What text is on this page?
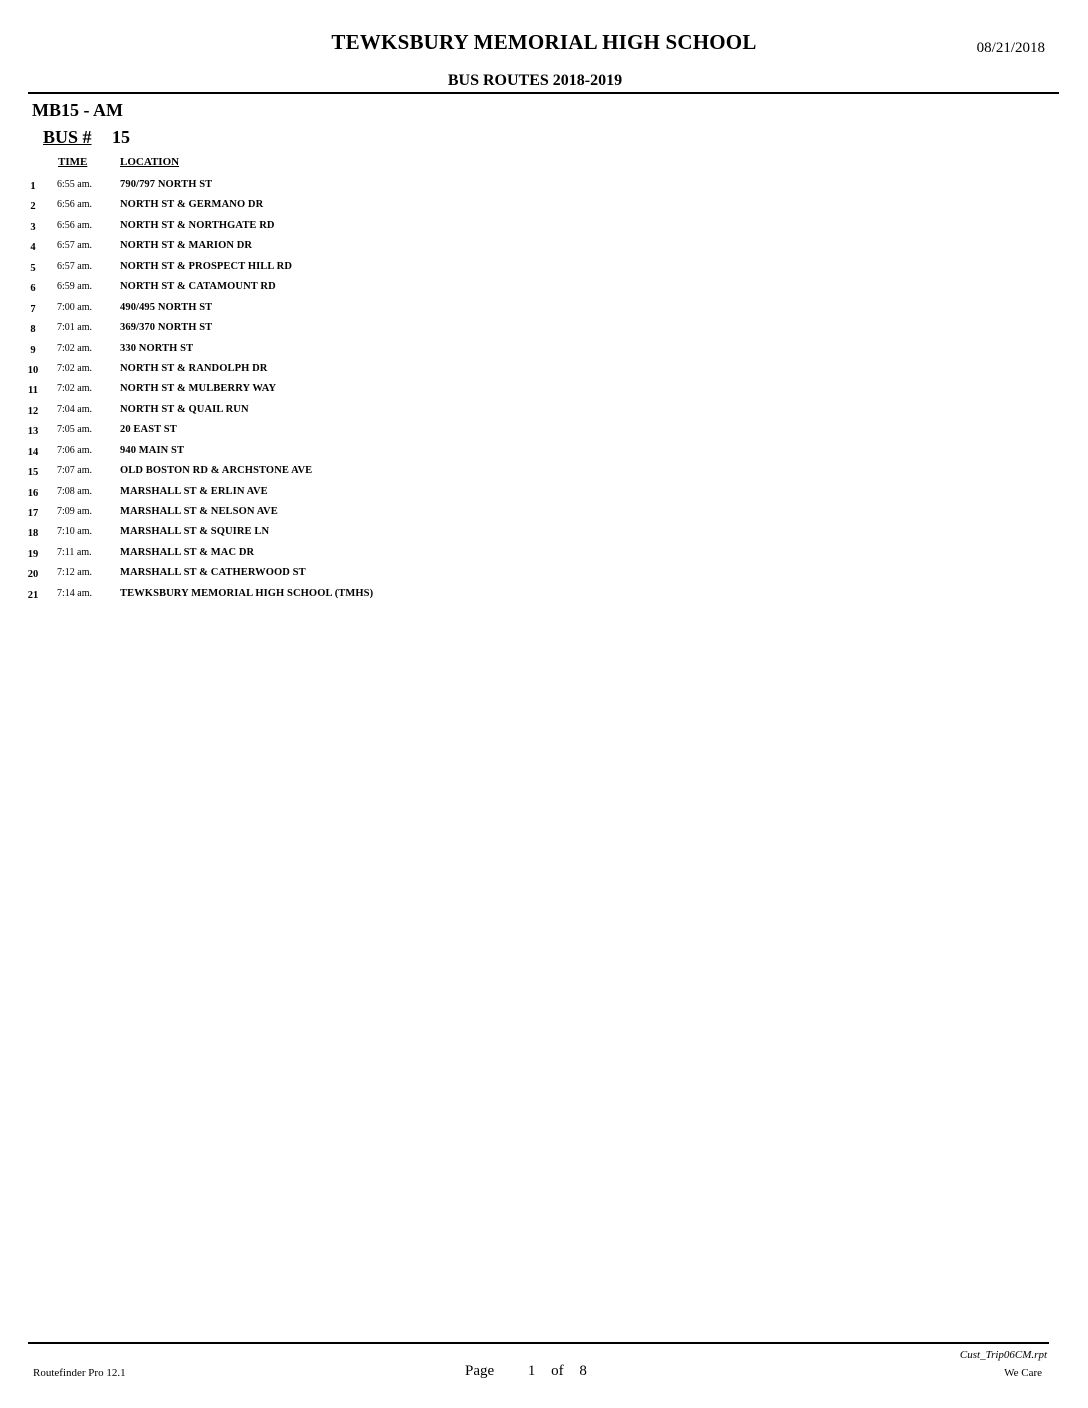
TEWKSBURY MEMORIAL HIGH SCHOOL	08/21/2018
BUS ROUTES 2018-2019
MB15 - AM
BUS # 15
TIME	LOCATION
1	6:55 am.	790/797 NORTH ST
2	6:56 am.	NORTH ST & GERMANO DR
3	6:56 am.	NORTH ST & NORTHGATE RD
4	6:57 am.	NORTH ST & MARION DR
5	6:57 am.	NORTH ST & PROSPECT HILL RD
6	6:59 am.	NORTH ST & CATAMOUNT RD
7	7:00 am.	490/495 NORTH ST
8	7:01 am.	369/370 NORTH ST
9	7:02 am.	330 NORTH ST
10	7:02 am.	NORTH ST & RANDOLPH DR
11	7:02 am.	NORTH ST & MULBERRY WAY
12	7:04 am.	NORTH ST & QUAIL RUN
13	7:05 am.	20 EAST ST
14	7:06 am.	940 MAIN ST
15	7:07 am.	OLD BOSTON RD & ARCHSTONE AVE
16	7:08 am.	MARSHALL ST & ERLIN AVE
17	7:09 am.	MARSHALL ST & NELSON AVE
18	7:10 am.	MARSHALL ST & SQUIRE LN
19	7:11 am.	MARSHALL ST & MAC DR
20	7:12 am.	MARSHALL ST & CATHERWOOD ST
21	7:14 am.	TEWKSBURY MEMORIAL HIGH SCHOOL (TMHS)
Cust_Trip06CM.rpt
Routefinder Pro 12.1	Page 1 of 8	We Care
